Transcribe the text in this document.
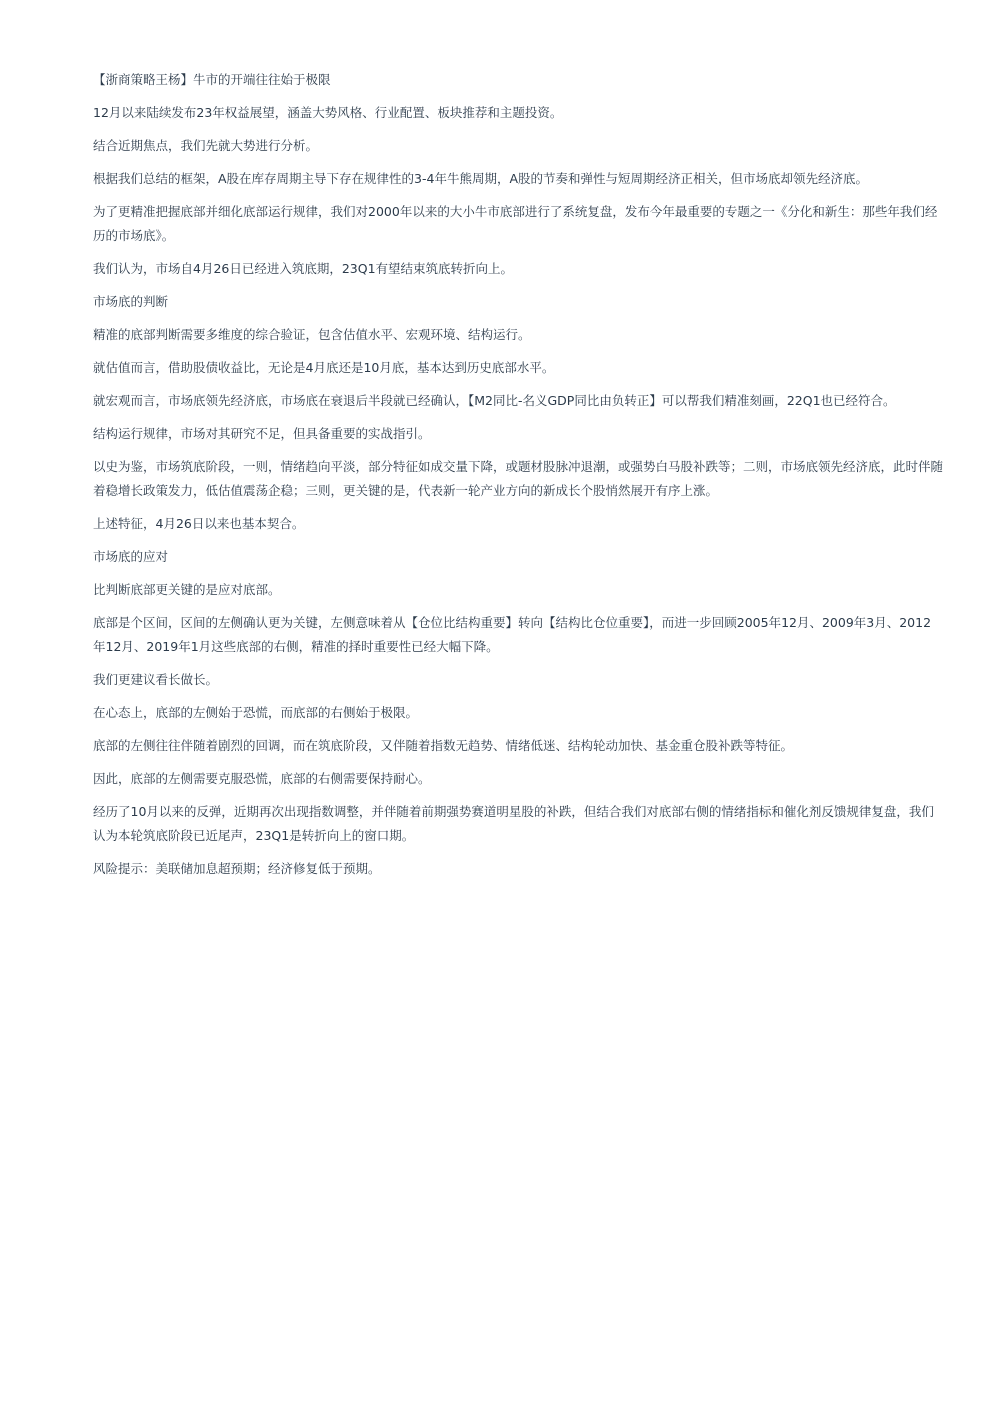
【浙商策略王杨】牛市的开端往往始于极限

12月以来陆续发布23年权益展望，涵盖大势风格、行业配置、板块推荐和主题投资。

结合近期焦点，我们先就大势进行分析。

根据我们总结的框架，A股在库存周期主导下存在规律性的3-4年牛熊周期，A股的节奏和弹性与短周期经济正相关，但市场底却领先经济底。

为了更精准把握底部并细化底部运行规律，我们对2000年以来的大小牛市底部进行了系统复盘，发布今年最重要的专题之一《分化和新生：那些年我们经历的市场底》。

我们认为，市场自4月26日已经进入筑底期，23Q1有望结束筑底转折向上。

市场底的判断

精准的底部判断需要多维度的综合验证，包含估值水平、宏观环境、结构运行。

就估值而言，借助股债收益比，无论是4月底还是10月底，基本达到历史底部水平。

就宏观而言，市场底领先经济底，市场底在衰退后半段就已经确认，【M2同比-名义GDP同比由负转正】可以帮我们精准刻画，22Q1也已经符合。

结构运行规律，市场对其研究不足，但具备重要的实战指引。

以史为鉴，市场筑底阶段，一则，情绪趋向平淡，部分特征如成交量下降，或题材股脉冲退潮，或强势白马股补跌等；二则，市场底领先经济底，此时伴随着稳增长政策发力，低估值震荡企稳；三则，更关键的是，代表新一轮产业方向的新成长个股悄然展开有序上涨。

上述特征，4月26日以来也基本契合。

市场底的应对

比判断底部更关键的是应对底部。

底部是个区间，区间的左侧确认更为关键，左侧意味着从【仓位比结构重要】转向【结构比仓位重要】，而进一步回顾2005年12月、2009年3月、2012年12月、2019年1月这些底部的右侧，精准的择时重要性已经大幅下降。

我们更建议看长做长。

在心态上，底部的左侧始于恐慌，而底部的右侧始于极限。

底部的左侧往往伴随着剧烈的回调，而在筑底阶段，又伴随着指数无趋势、情绪低迷、结构轮动加快、基金重仓股补跌等特征。

因此，底部的左侧需要克服恐慌，底部的右侧需要保持耐心。

经历了10月以来的反弹，近期再次出现指数调整，并伴随着前期强势赛道明星股的补跌，但结合我们对底部右侧的情绪指标和催化剂反馈规律复盘，我们认为本轮筑底阶段已近尾声，23Q1是转折向上的窗口期。

风险提示：美联储加息超预期；经济修复低于预期。
